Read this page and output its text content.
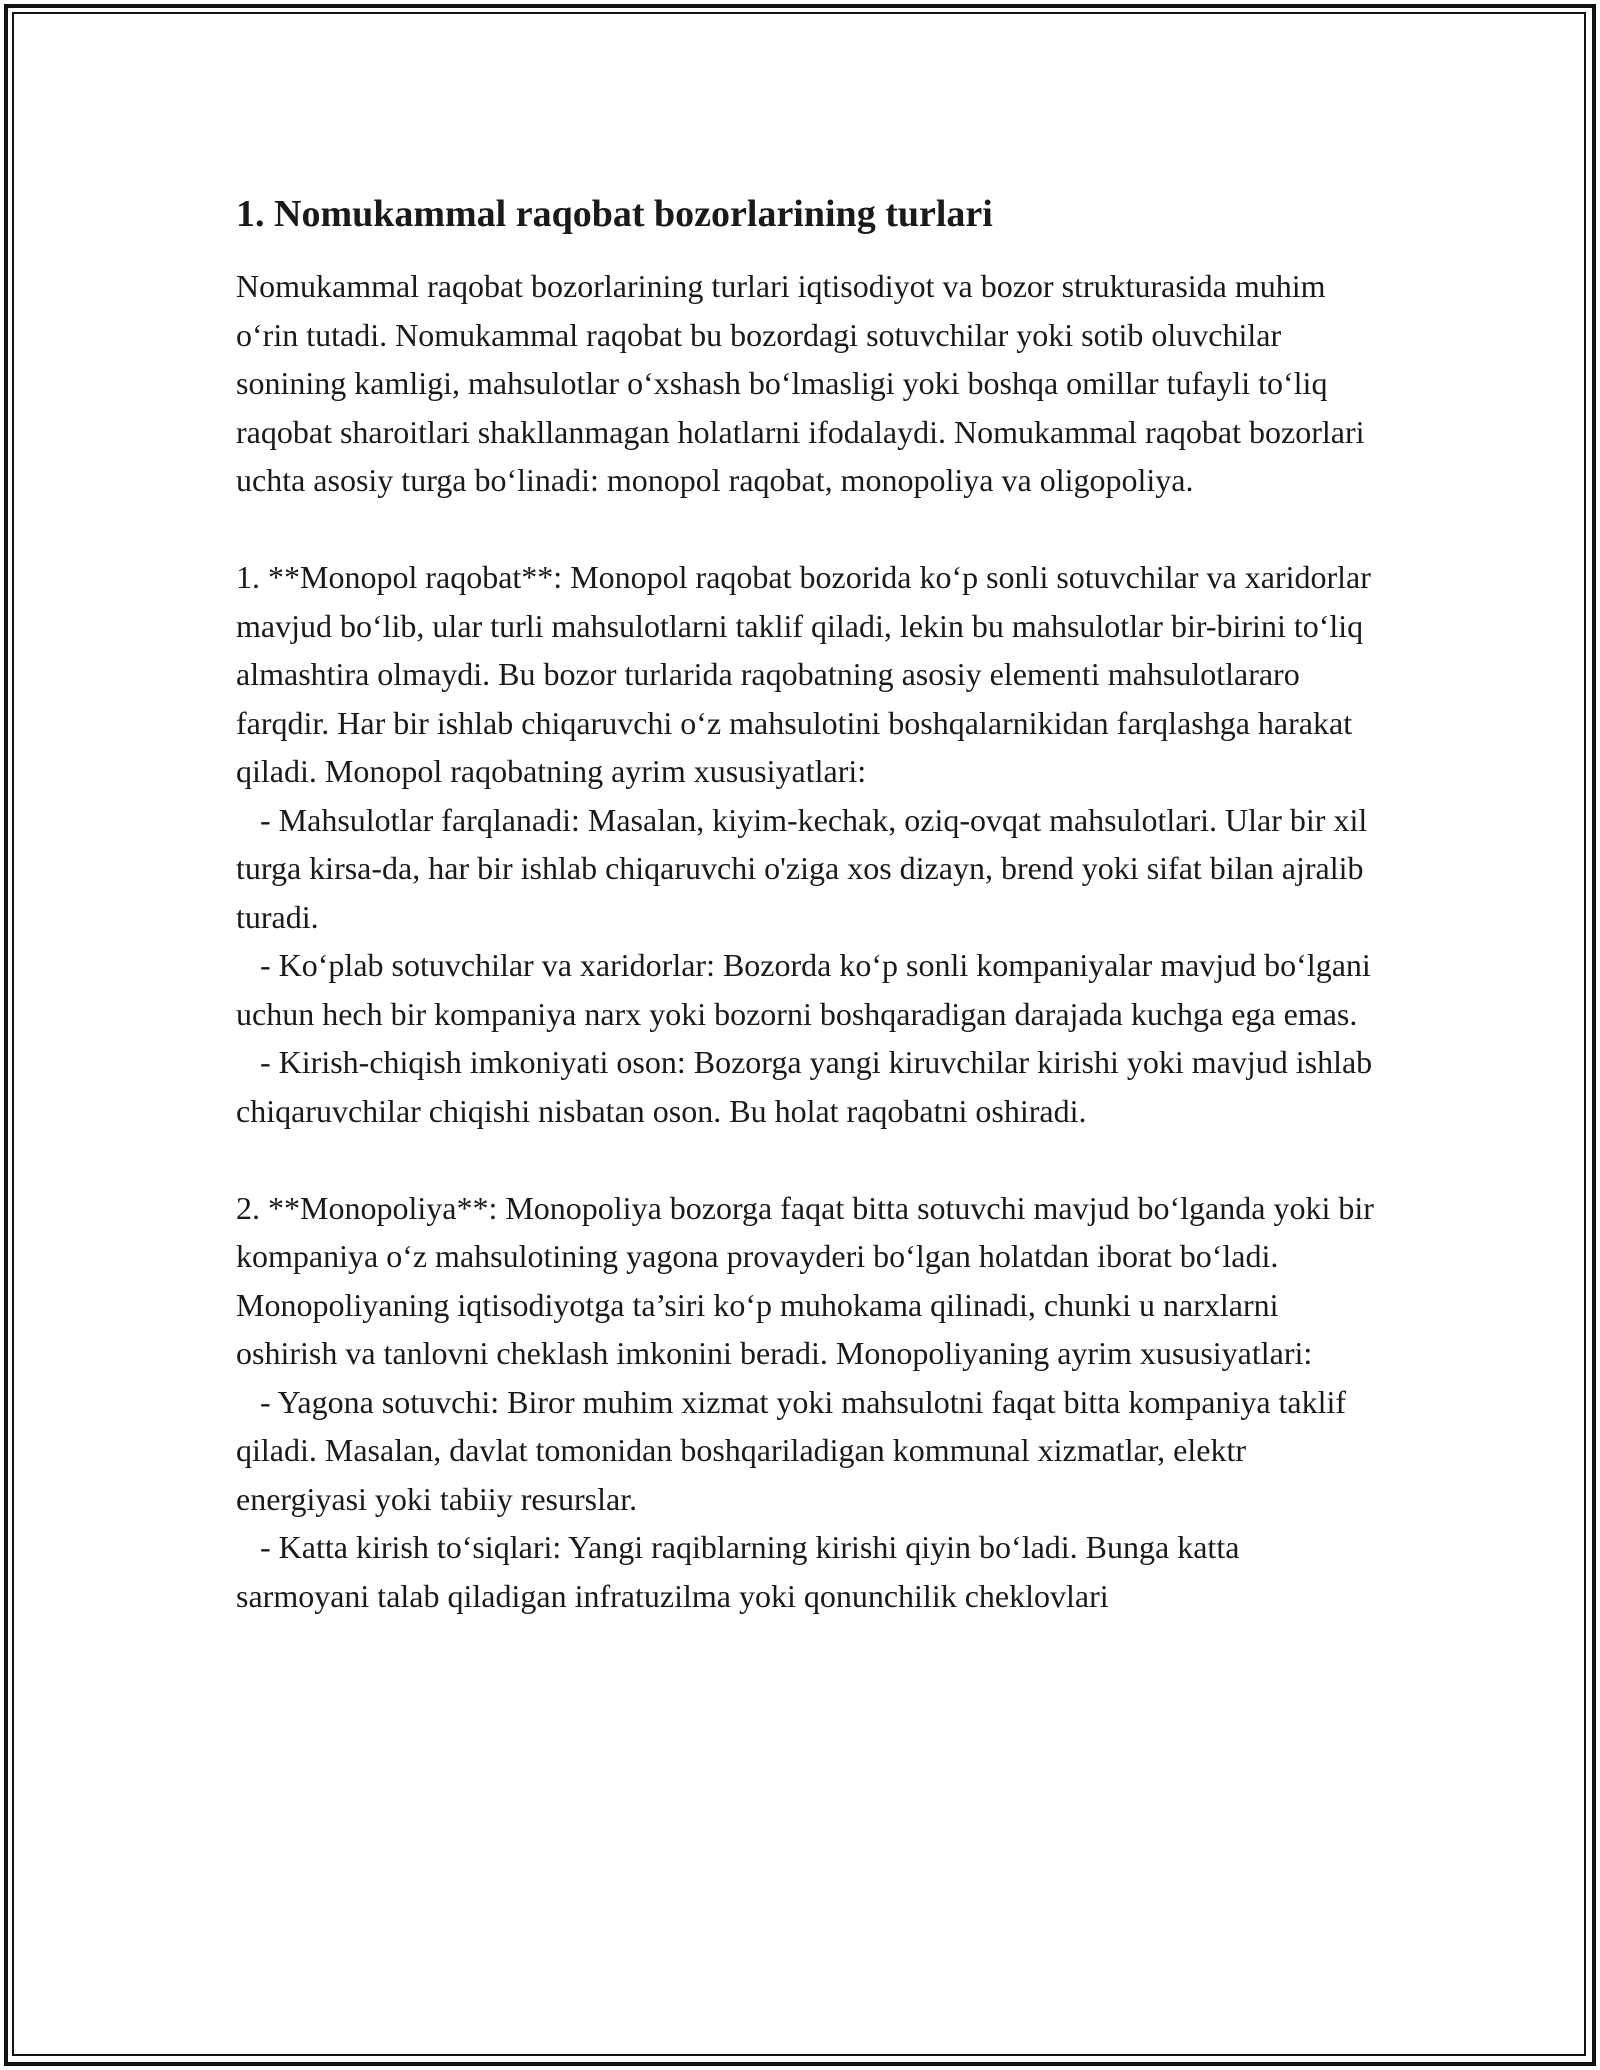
1. Nomukammal raqobat bozorlarining turlari

Nomukammal raqobat bozorlarining turlari iqtisodiyot va bozor strukturasida muhim o‘rin tutadi. Nomukammal raqobat bu bozordagi sotuvchilar yoki sotib oluvchilar sonining kamligi, mahsulotlar o‘xshash bo‘lmasligi yoki boshqa omillar tufayli to‘liq raqobat sharoitlari shakllanmagan holatlarni ifodalaydi. Nomukammal raqobat bozorlari uchta asosiy turga bo‘linadi: monopol raqobat, monopoliya va oligopoliya.

1. **Monopol raqobat**: Monopol raqobat bozorida ko‘p sonli sotuvchilar va xaridorlar mavjud bo‘lib, ular turli mahsulotlarni taklif qiladi, lekin bu mahsulotlar bir-birini to‘liq almashtira olmaydi. Bu bozor turlarida raqobatning asosiy elementi mahsulotlararo farqdir. Har bir ishlab chiqaruvchi o‘z mahsulotini boshqalarnikidan farqlashga harakat qiladi. Monopol raqobatning ayrim xususiyatlari:

- Mahsulotlar farqlanadi: Masalan, kiyim-kechak, oziq-ovqat mahsulotlari. Ular bir xil turga kirsa-da, har bir ishlab chiqaruvchi o'ziga xos dizayn, brend yoki sifat bilan ajralib turadi.

- Ko‘plab sotuvchilar va xaridorlar: Bozorda ko‘p sonli kompaniyalar mavjud bo‘lgani uchun hech bir kompaniya narx yoki bozorni boshqaradigan darajada kuchga ega emas.

- Kirish-chiqish imkoniyati oson: Bozorga yangi kiruvchilar kirishi yoki mavjud ishlab chiqaruvchilar chiqishi nisbatan oson. Bu holat raqobatni oshiradi.

2. **Monopoliya**: Monopoliya bozorga faqat bitta sotuvchi mavjud bo‘lganda yoki bir kompaniya o‘z mahsulotining yagona provayderi bo‘lgan holatdan iborat bo‘ladi. Monopoliyaning iqtisodiyotga ta’siri ko‘p muhokama qilinadi, chunki u narxlarni oshirish va tanlovni cheklash imkonini beradi. Monopoliyaning ayrim xususiyatlari:

- Yagona sotuvchi: Biror muhim xizmat yoki mahsulotni faqat bitta kompaniya taklif qiladi. Masalan, davlat tomonidan boshqariladigan kommunal xizmatlar, elektr energiyasi yoki tabiiy resurslar.

- Katta kirish to‘siqlari: Yangi raqiblarning kirishi qiyin bo‘ladi. Bunga katta sarmoyani talab qiladigan infratuzilma yoki qonunchilik cheklovlari
